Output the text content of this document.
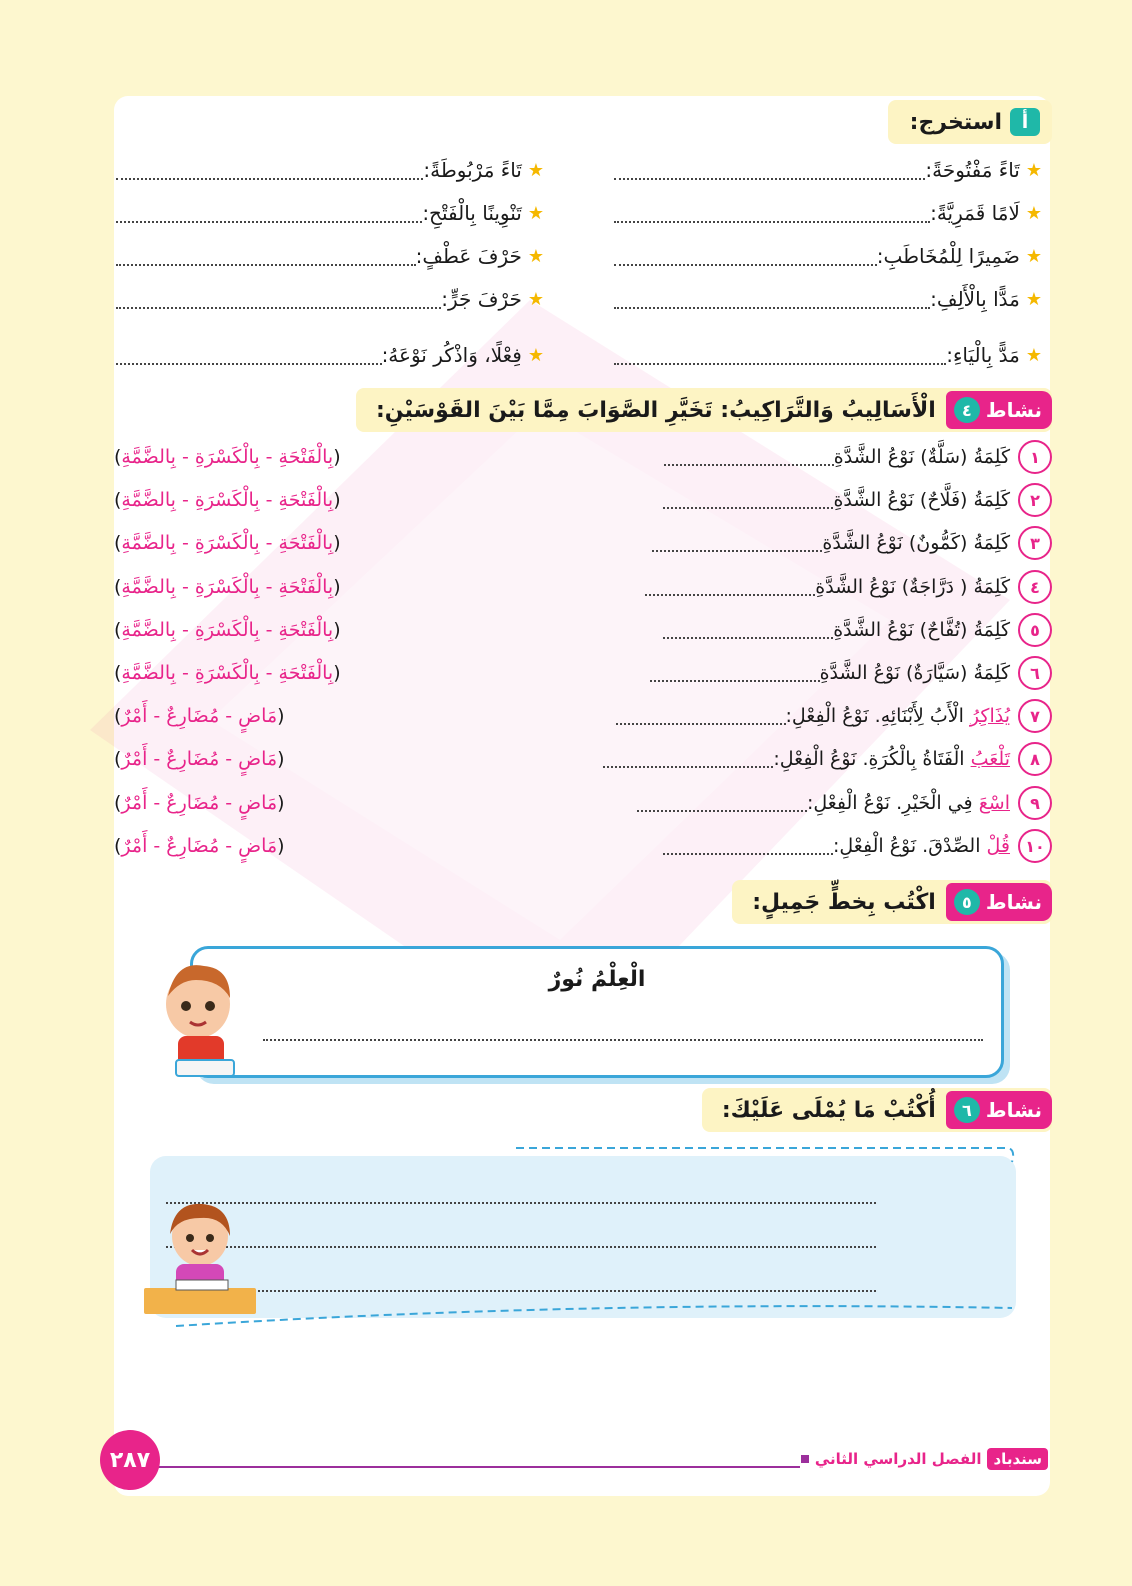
أ
استخرج:
★
تَاءً مَفْتُوحَةً:
★
لَامًا قَمَرِيَّةً:
★
ضَمِيرًا لِلْمُخَاطَبِ:
★
مَدًّا بِالْأَلِفِ:
★
مَدًّ بِالْيَاءِ:
★
تَاءً مَرْبُوطَةً:
★
تَنْوِينًا بِالْفَتْحِ:
★
حَرْفَ عَطْفٍ:
★
حَرْفَ جَرٍّ:
★
فِعْلًا، وَاذْكُر نَوْعَهُ:
نشاط
٤
الْأَسَالِيبُ وَالتَّرَاكِيبُ: تَخَيَّرِ الصَّوَابَ مِمَّا بَيْنَ القَوْسَيْنِ:
١
كَلِمَةُ (سَلَّةٌ) نَوْعُ الشَّدَّةِ
(
بِالْفَتْحَةِ - بِالْكَسْرَةِ - بِالضَّمَّةِ
)
٢
كَلِمَةُ (فَلَّاحٌ) نَوْعُ الشَّدَّةِ
(
بِالْفَتْحَةِ - بِالْكَسْرَةِ - بِالضَّمَّةِ
)
٣
كَلِمَةُ (كَمُّونٌ) نَوْعُ الشَّدَّةِ
(
بِالْفَتْحَةِ - بِالْكَسْرَةِ - بِالضَّمَّةِ
)
٤
كَلِمَةُ ( دَرَّاجَةٌ) نَوْعُ الشَّدَّةِ
(
بِالْفَتْحَةِ - بِالْكَسْرَةِ - بِالضَّمَّةِ
)
٥
كَلِمَةُ (تُفَّاحٌ) نَوْعُ الشَّدَّةِ
(
بِالْفَتْحَةِ - بِالْكَسْرَةِ - بِالضَّمَّةِ
)
٦
كَلِمَةُ (سَيَّارَةٌ) نَوْعُ الشَّدَّةِ
(
بِالْفَتْحَةِ - بِالْكَسْرَةِ - بِالضَّمَّةِ
)
٧
يُذَاكِرُ
الْأَبُ لِأَبْنَائِهِ. نَوْعُ الْفِعْلِ:
(
مَاضٍ - مُضَارِعٌ - أَمْرٌ
)
٨
تَلْعَبُ
الْفَتَاةُ بِالْكُرَةِ. نَوْعُ الْفِعْلِ:
(
مَاضٍ - مُضَارِعٌ - أَمْرٌ
)
٩
اسْعَ
فِي الْخَيْرِ. نَوْعُ الْفِعْلِ:
(
مَاضٍ - مُضَارِعٌ - أَمْرٌ
)
١٠
قُلْ
الصِّدْقَ. نَوْعُ الْفِعْلِ:
(
مَاضٍ - مُضَارِعٌ - أَمْرٌ
)
نشاط
٥
اكْتُب بِخطٍّ جَمِيلٍ:
الْعِلْمُ نُورٌ
نشاط
٦
أُكْتُبْ مَا يُمْلَى عَلَيْكَ:
سندباد
الفصل الدراسي الثاني
٢٨٧
